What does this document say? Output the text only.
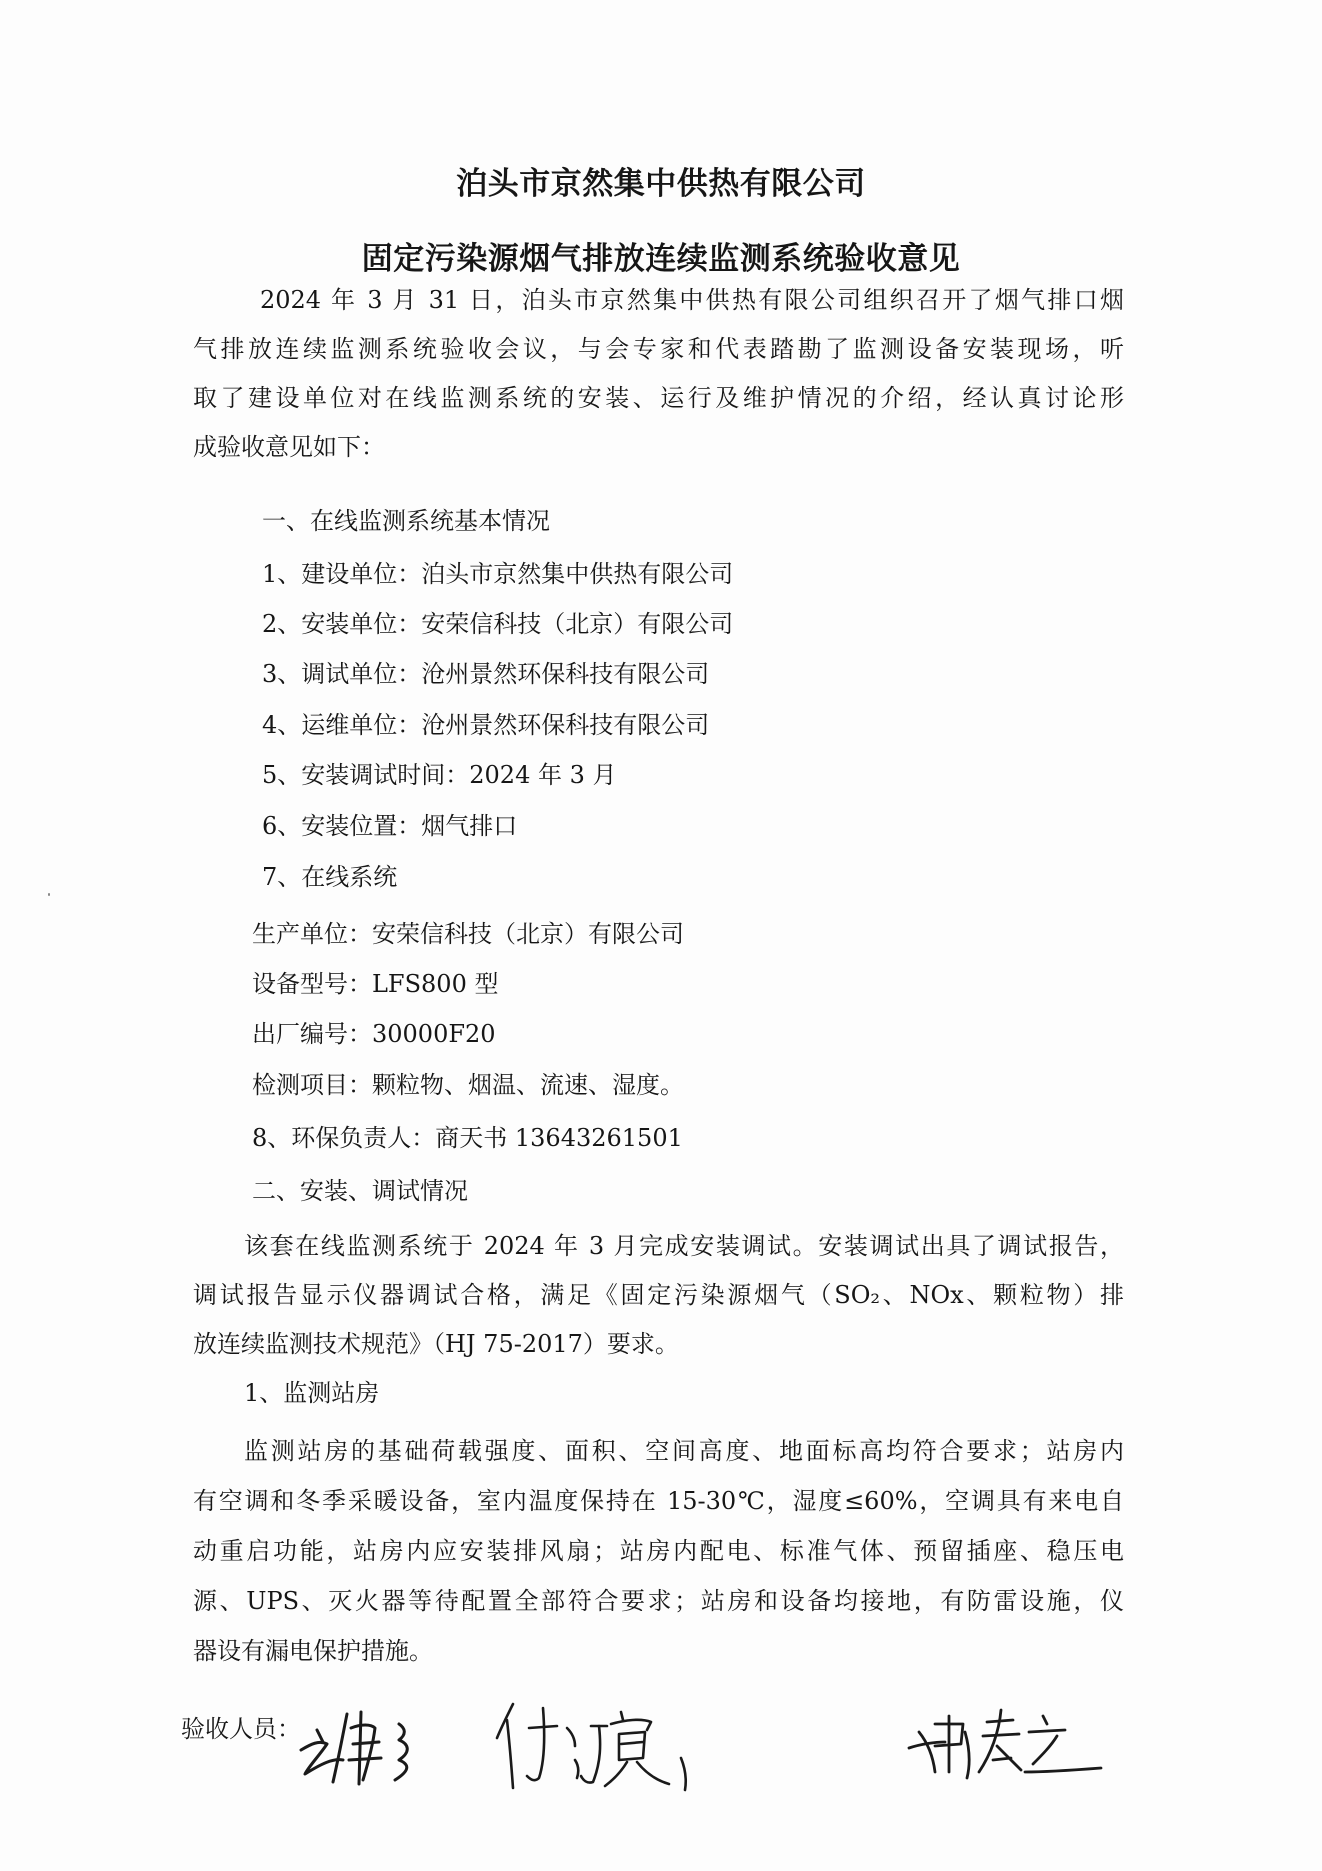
泊头市京然集中供热有限公司
固定污染源烟气排放连续监测系统验收意见
2024 年 3 月 31 日，泊头市京然集中供热有限公司组织召开了烟气排口烟
气排放连续监测系统验收会议，与会专家和代表踏勘了监测设备安装现场，听
取了建设单位对在线监测系统的安装、运行及维护情况的介绍，经认真讨论形
成验收意见如下：
一、在线监测系统基本情况
1、建设单位：泊头市京然集中供热有限公司
2、安装单位：安荣信科技（北京）有限公司
3、调试单位：沧州景然环保科技有限公司
4、运维单位：沧州景然环保科技有限公司
5、安装调试时间：2024 年 3 月
6、安装位置：烟气排口
7、在线系统
生产单位：安荣信科技（北京）有限公司
设备型号：LFS800 型
出厂编号：30000F20
检测项目：颗粒物、烟温、流速、湿度。
8、环保负责人：商天书 13643261501
二、安装、调试情况
该套在线监测系统于 2024 年 3 月完成安装调试。安装调试出具了调试报告，
调试报告显示仪器调试合格，满足《固定污染源烟气（SO₂、NOx、颗粒物）排
放连续监测技术规范》（HJ 75-2017）要求。
1、监测站房
监测站房的基础荷载强度、面积、空间高度、地面标高均符合要求；站房内
有空调和冬季采暖设备，室内温度保持在 15-30℃，湿度≤60%，空调具有来电自
动重启功能，站房内应安装排风扇；站房内配电、标准气体、预留插座、稳压电
源、UPS、灭火器等待配置全部符合要求；站房和设备均接地，有防雷设施，仪
器设有漏电保护措施。
验收人员：
